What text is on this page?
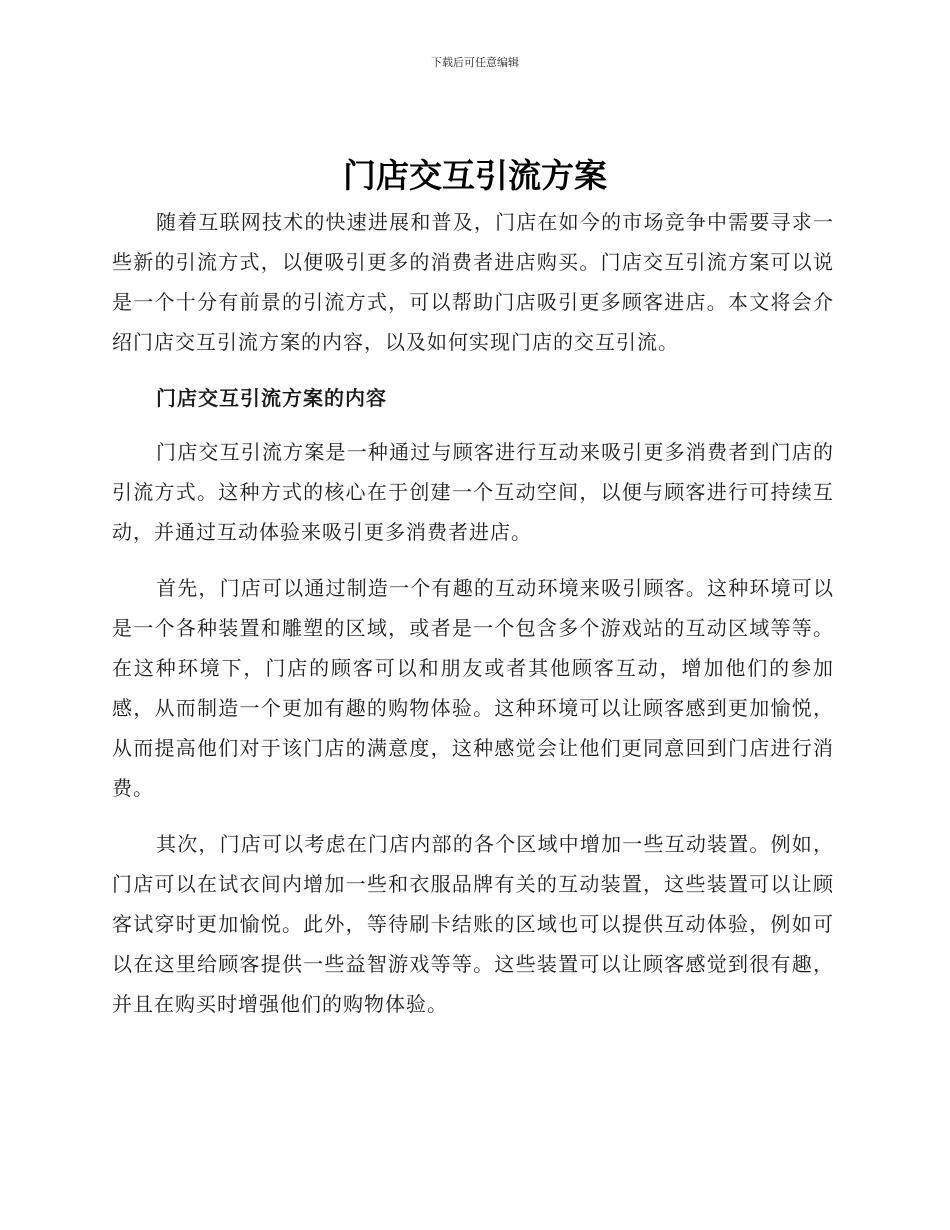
下载后可任意编辑
门店交互引流方案

随着互联网技术的快速进展和普及，门店在如今的市场竞争中需要寻求一些新的引流方式，以便吸引更多的消费者进店购买。门店交互引流方案可以说是一个十分有前景的引流方式，可以帮助门店吸引更多顾客进店。本文将会介绍门店交互引流方案的内容，以及如何实现门店的交互引流。

门店交互引流方案的内容

门店交互引流方案是一种通过与顾客进行互动来吸引更多消费者到门店的引流方式。这种方式的核心在于创建一个互动空间，以便与顾客进行可持续互动，并通过互动体验来吸引更多消费者进店。

首先，门店可以通过制造一个有趣的互动环境来吸引顾客。这种环境可以是一个各种装置和雕塑的区域，或者是一个包含多个游戏站的互动区域等等。在这种环境下，门店的顾客可以和朋友或者其他顾客互动，增加他们的参加感，从而制造一个更加有趣的购物体验。这种环境可以让顾客感到更加愉悦，从而提高他们对于该门店的满意度，这种感觉会让他们更同意回到门店进行消费。

其次，门店可以考虑在门店内部的各个区域中增加一些互动装置。例如，门店可以在试衣间内增加一些和衣服品牌有关的互动装置，这些装置可以让顾客试穿时更加愉悦。此外，等待刷卡结账的区域也可以提供互动体验，例如可以在这里给顾客提供一些益智游戏等等。这些装置可以让顾客感觉到很有趣，并且在购买时增强他们的购物体验。
